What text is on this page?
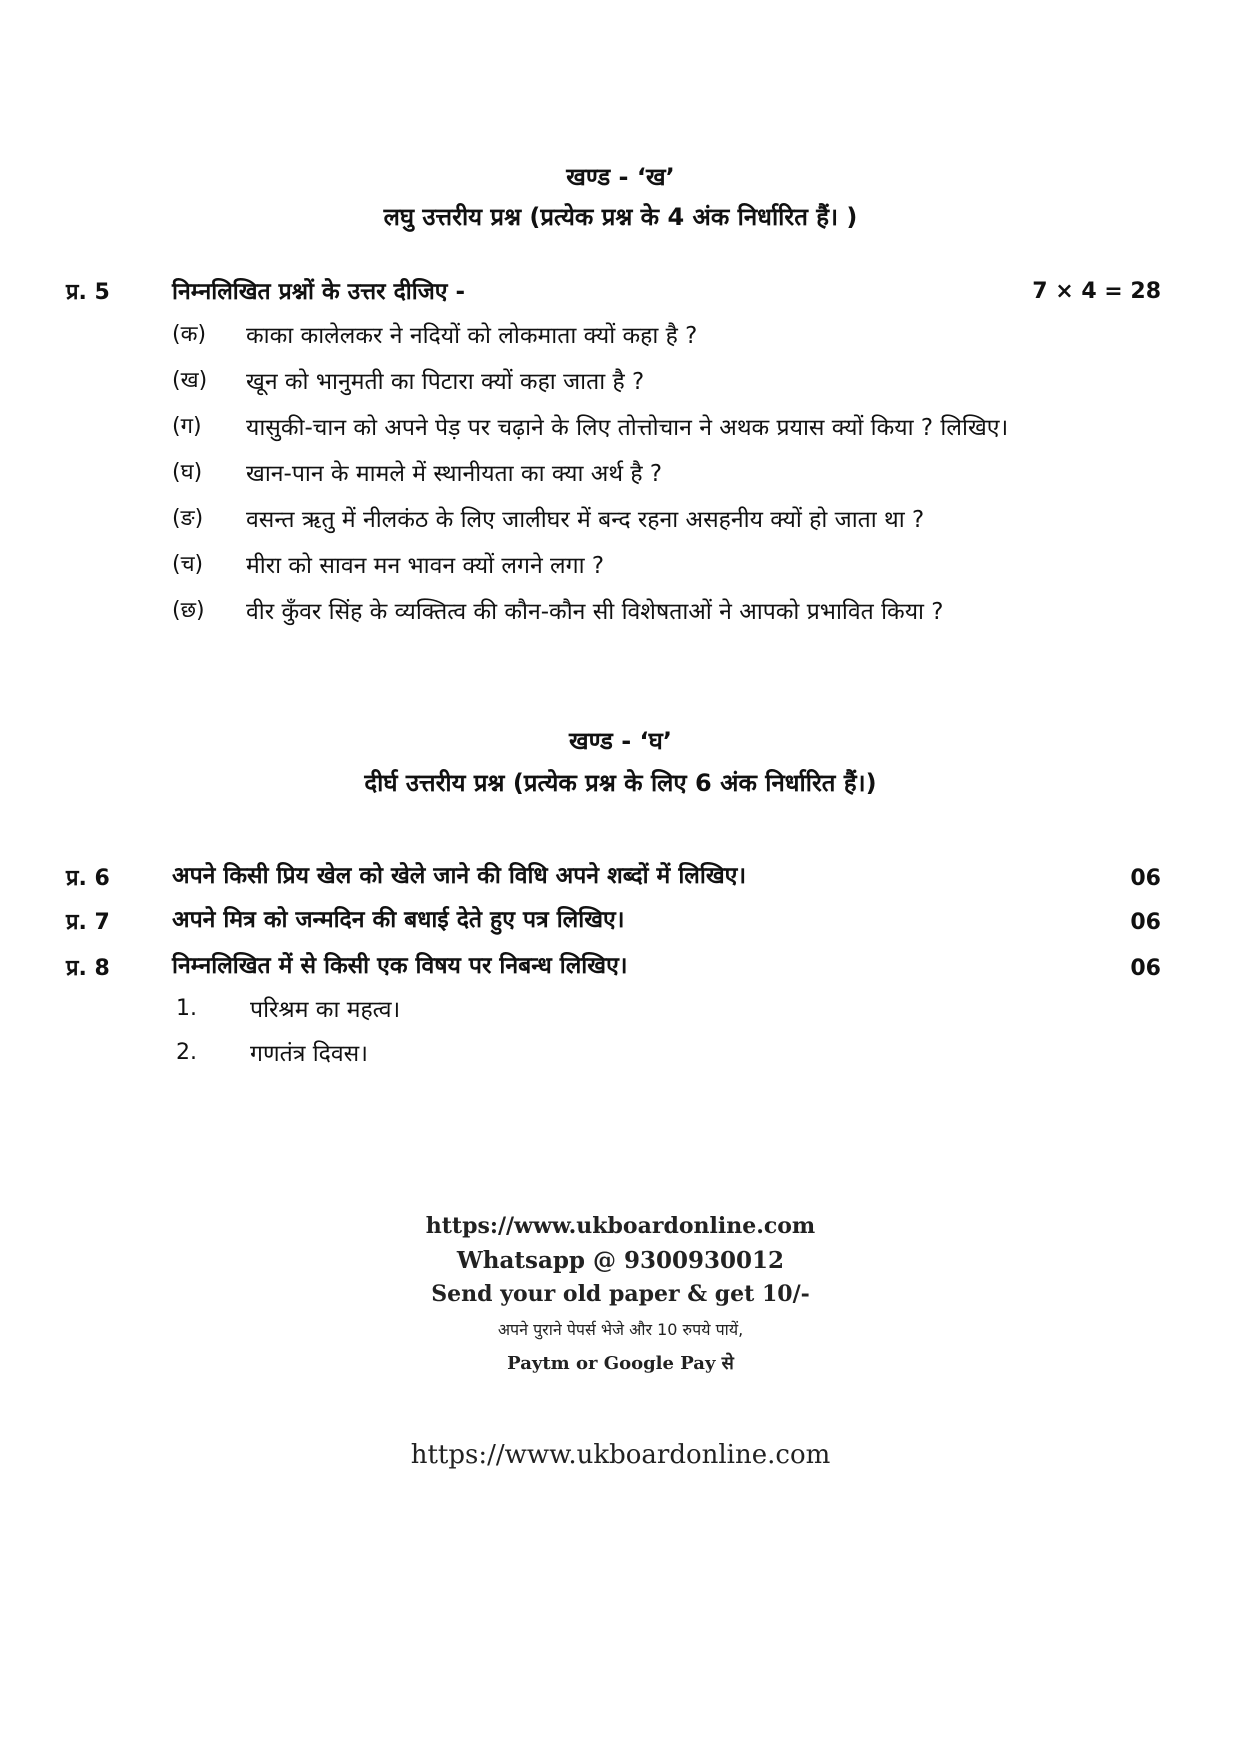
खण्ड - ‘ख’
लघु उत्तरीय प्रश्न (प्रत्येक प्रश्न के 4 अंक निर्धारित हैं। )
प्र. 5	निम्नलिखित प्रश्नों के उत्तर दीजिए -	7 × 4 = 28
(क) काका कालेलकर ने नदियों को लोकमाता क्यों कहा है ?
(ख) खून को भानुमती का पिटारा क्यों कहा जाता है ?
(ग) यासुकी-चान को अपने पेड़ पर चढ़ाने के लिए तोत्तोचान ने अथक प्रयास क्यों किया ? लिखिए।
(घ) खान-पान के मामले में स्थानीयता का क्या अर्थ है ?
(ङ) वसन्त ऋतु में नीलकंठ के लिए जालीघर में बन्द रहना असहनीय क्यों हो जाता था ?
(च) मीरा को सावन मन भावन क्यों लगने लगा ?
(छ) वीर कुँवर सिंह के व्यक्तित्व की कौन-कौन सी विशेषताओं ने आपको प्रभावित किया ?
खण्ड - ‘घ’
दीर्घ उत्तरीय प्रश्न (प्रत्येक प्रश्न के लिए 6 अंक निर्धारित हैं।)
प्र. 6	अपने किसी प्रिय खेल को खेले जाने की विधि अपने शब्दों में लिखिए।	06
प्र. 7	अपने मित्र को जन्मदिन की बधाई देते हुए पत्र लिखिए।	06
प्र. 8	निम्नलिखित में से किसी एक विषय पर निबन्ध लिखिए।	06
1. परिश्रम का महत्व।
2. गणतंत्र दिवस।
https://www.ukboardonline.com
Whatsapp @ 9300930012
Send your old paper & get 10/-
अपने पुराने पेपर्स भेजे और 10 रुपये पायें,
Paytm or Google Pay से
https://www.ukboardonline.com
